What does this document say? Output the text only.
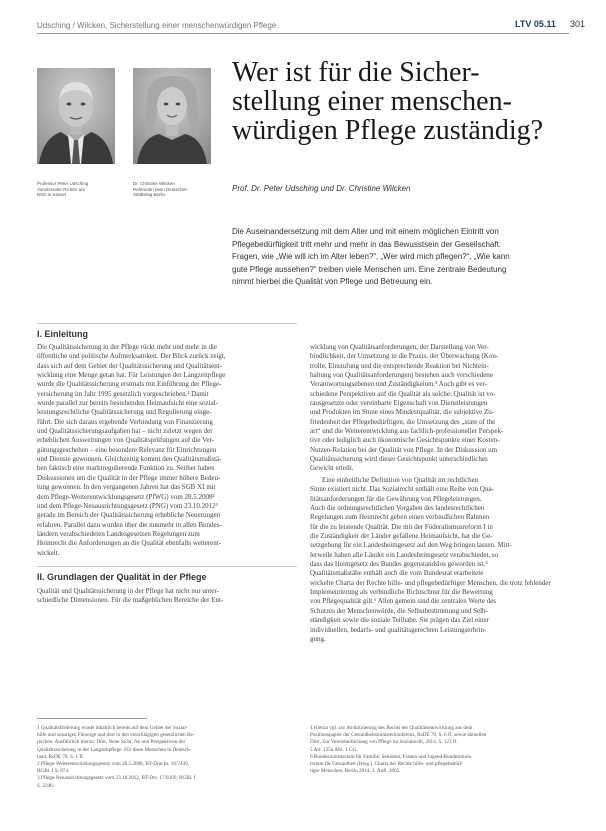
Udsching / Wilcken, Sicherstellung einer menschenwürdigen Pflege	LTV 05.11 301
Professor Peter Udsching
Vorsitzender Richter am
BSG in Kassel
Dr. Christine Wilcken
Referentin beim Deutschen
Städtetag Berlin
Wer ist für die Sicher-
stellung einer menschen-
würdigen Pflege zuständig?
Prof. Dr. Peter Udsching und Dr. Christine Wilcken
Die Auseinandersetzung mit dem Alter und mit einem möglichen Eintritt von
Pflegebedürftigkeit tritt mehr und mehr in das Bewusstsein der Gesellschaft.
Fragen, wie „Wie will ich im Alter leben?“, „Wer wird mich pflegen?“, „Wie kann
gute Pflege aussehen?“ treiben viele Menschen um. Eine zentrale Bedeutung
nimmt hierbei die Qualität von Pflege und Betreuung ein.
I. Einleitung
Die Qualitätssicherung in der Pflege rückt mehr und mehr in die
öffentliche und politische Aufmerksamkeit. Der Blick zurück zeigt,
dass sich auf dem Gebiet der Qualitätssicherung und Qualitätsent-
wicklung eine Menge getan hat. Für Leistungen der Langzeitpflege
wurde die Qualitätssicherung erstmals mit Einführung der Pflege-
versicherung im Jahr 1995 gesetzlich vorgeschrieben.¹ Damit
wurde parallel zur bereits bestehenden Heimaufsicht eine sozial-
leistungsrechtliche Qualitätssicherung und Regulierung einge-
führt. Die sich daraus ergebende Verbindung von Finanzierung
und Qualitätssicherungsaufgaben hat – nicht zuletzt wegen der
erheblichen Ausweitungen von Qualitätsprüfungen auf die Ver-
gütungsgeschehen – eine besondere Relevanz für Einrichtungen
und Dienste gewonnen. Gleichzeitig kommt den Qualitätsmaßstä-
ben faktisch eine marktregulierende Funktion zu. Seither haben
Diskussionen um die Qualität in der Pflege immer höhere Bedeu-
tung gewonnen. In den vergangenen Jahren hat das SGB XI mit
dem Pflege-Weiterentwicklungsgesetz (PfWG) vom 28.5.2008²
und dem Pflege-Neuausrichtungsgesetz (PNG) vom 23.10.2012³
gerade im Bereich der Qualitätssicherung erhebliche Neuerungen
erfahren. Parallel dazu wurden über die nunmehr in allen Bundes-
ländern verabschiedeten Landesgesetzen Regelungen zum
Heimrecht die Anforderungen an die Qualität ebenfalls weiterent-
wickelt.
II. Grundlagen der Qualität in der Pflege
Qualität und Qualitätssicherung in der Pflege hat nicht nur unter-
schiedliche Dimensionen. Für die maßgeblichen Bereiche der Ent-
wicklung von Qualitätsanforderungen, der Darstellung von Ver-
bindlichkeit, der Umsetzung in die Praxis, der Überwachung (Kon-
trolle, Einstufung und die entsprechende Reaktion bei Nichtein-
haltung von Qualitätsanforderungen) bestehen auch verschiedene
Verantwortungsebenen und Zuständigkeiten.⁴ Auch gibt es ver-
schiedene Perspektiven auf die Qualität als solche: Qualität ist vo-
rausgesetzte oder vereinbarte Eigenschaft von Dienstleistungen
und Produkten im Sinne eines Mindestqualität, die subjektive Zu-
friedenheit der Pflegebedürftigen, die Umsetzung des „state of the
art“ und die Weiterentwicklung aus fachlich-professioneller Perspek-
tive oder lediglich auch ökonomische Gesichtspunkte einer Kosten-
Nutzen-Relation bei der Qualität von Pflege. In der Diskussion um
Qualitätssicherung wird dieser Gesichtspunkt unterschiedliches
Gewicht erteilt.
Eine einheitliche Definition von Qualität im rechtlichen
Sinne existiert nicht. Das Sozialrecht enthält eine Reihe von Qua-
litätsanforderungen für die Gewährung von Pflegeleistungen.
Auch die ordnungsrechtlichen Vorgaben des landesrechtlichen
Regelungen zum Heimrecht geben einen verbindlichen Rahmen
für die zu leistende Qualität. Die mit der Föderalismusreform I in
die Zuständigkeit der Länder gefallene Heimaufsicht, hat die Ge-
setzgebung für ein Landesheimgesetz auf den Weg bringen lassen. Mitt-
lerweile haben alle Länder ein Landesheimgesetz verabschiedet, so
dass das Heimgesetz des Bundes gegenstandslos geworden ist.⁵
Qualitätsmaßstäbe enthält auch die vom Bundesrat erarbeitete
wickelte Charta der Rechte hilfe- und pflegebedürftiger Menschen, die trotz fehlender
Implementierung als verbindliche Richtschnur für die Bewertung
von Pflegequalität gilt.⁶ Allen gemein sind die zentralen Werte des
Schutzes der Menschenwürde, die Selbstbestimmung und Selb-
ständigkeit sowie die soziale Teilhabe. Sie prägen das Ziel einer
individuellen, bedarfs- und qualitätsgerechten Leistungserbrin-
gung.
1 Qualitätsförderung wurde inhaltlich bereits auf dem Gebiet der Sozial-
hilfe und sonstigen Fürsorge und dort in den einschlägigen gesetzlichen Be-
reichen. Ausführlich hierzu: Dörr, Neue Sicht, Ne und Perspektiven der
Qualitätssicherung in der Langzeitpflege. Für diese Menschen in Deutsch-
land, RsDE 70, S. 1 ff.
2 Pflege-Weiterentwicklungsgesetz vom 28.5.2008, BT-Drucks. 16/7439,
BGBl. I S. 874.
3 Pflege-Neuausrichtungsgesetz vom 23.10.2012, BT-Drs. 17/9369, BGBl. I
S. 2246.
4 Hierzu vgl. zur Strukturierung des Rechts der Qualitätsentwicklung aus dem
Positionspapier der Gesundheitsministerkonferenz, RsDE 70, S. 6 ff. sowie aktuellen
Dörr, Zur Vereinheitlichung von Pflege im Sozialrecht, 2014, S. 123 ff.
5 Art. 125a Abs. 1 GG.
6 Bundesministerium für Familie, Senioren, Frauen und Jugend/Bundesminis-
terium für Gesundheit (Hrsg.), Charta der Rechte hilfe- und pflegebedürf-
tiger Menschen, Berlin 2014, 1. Aufl. 2005.
